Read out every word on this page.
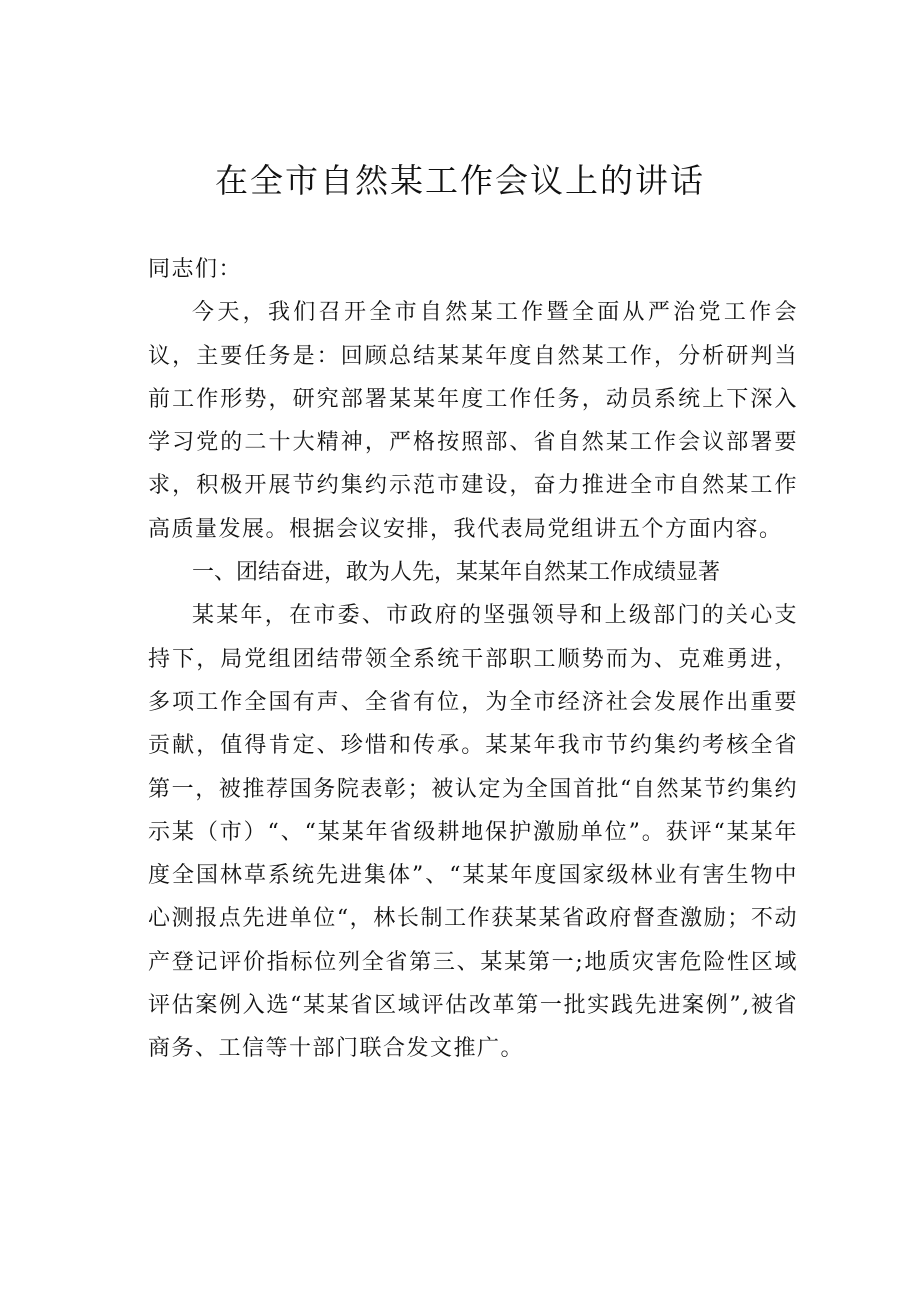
在全市自然某工作会议上的讲话

同志们：

今天，我们召开全市自然某工作暨全面从严治党工作会议，主要任务是：回顾总结某某年度自然某工作，分析研判当前工作形势，研究部署某某年度工作任务，动员系统上下深入学习党的二十大精神，严格按照部、省自然某工作会议部署要求，积极开展节约集约示范市建设，奋力推进全市自然某工作高质量发展。根据会议安排，我代表局党组讲五个方面内容。

一、团结奋进，敢为人先，某某年自然某工作成绩显著

某某年，在市委、市政府的坚强领导和上级部门的关心支持下，局党组团结带领全系统干部职工顺势而为、克难勇进，多项工作全国有声、全省有位，为全市经济社会发展作出重要贡献，值得肯定、珍惜和传承。某某年我市节约集约考核全省第一，被推荐国务院表彰；被认定为全国首批“自然某节约集约示某（市）“、“某某年省级耕地保护激励单位”。获评“某某年度全国林草系统先进集体”、“某某年度国家级林业有害生物中心测报点先进单位“，林长制工作获某某省政府督查激励；不动产登记评价指标位列全省第三、某某第一;地质灾害危险性区域评估案例入选“某某省区域评估改革第一批实践先进案例”,被省商务、工信等十部门联合发文推广。
